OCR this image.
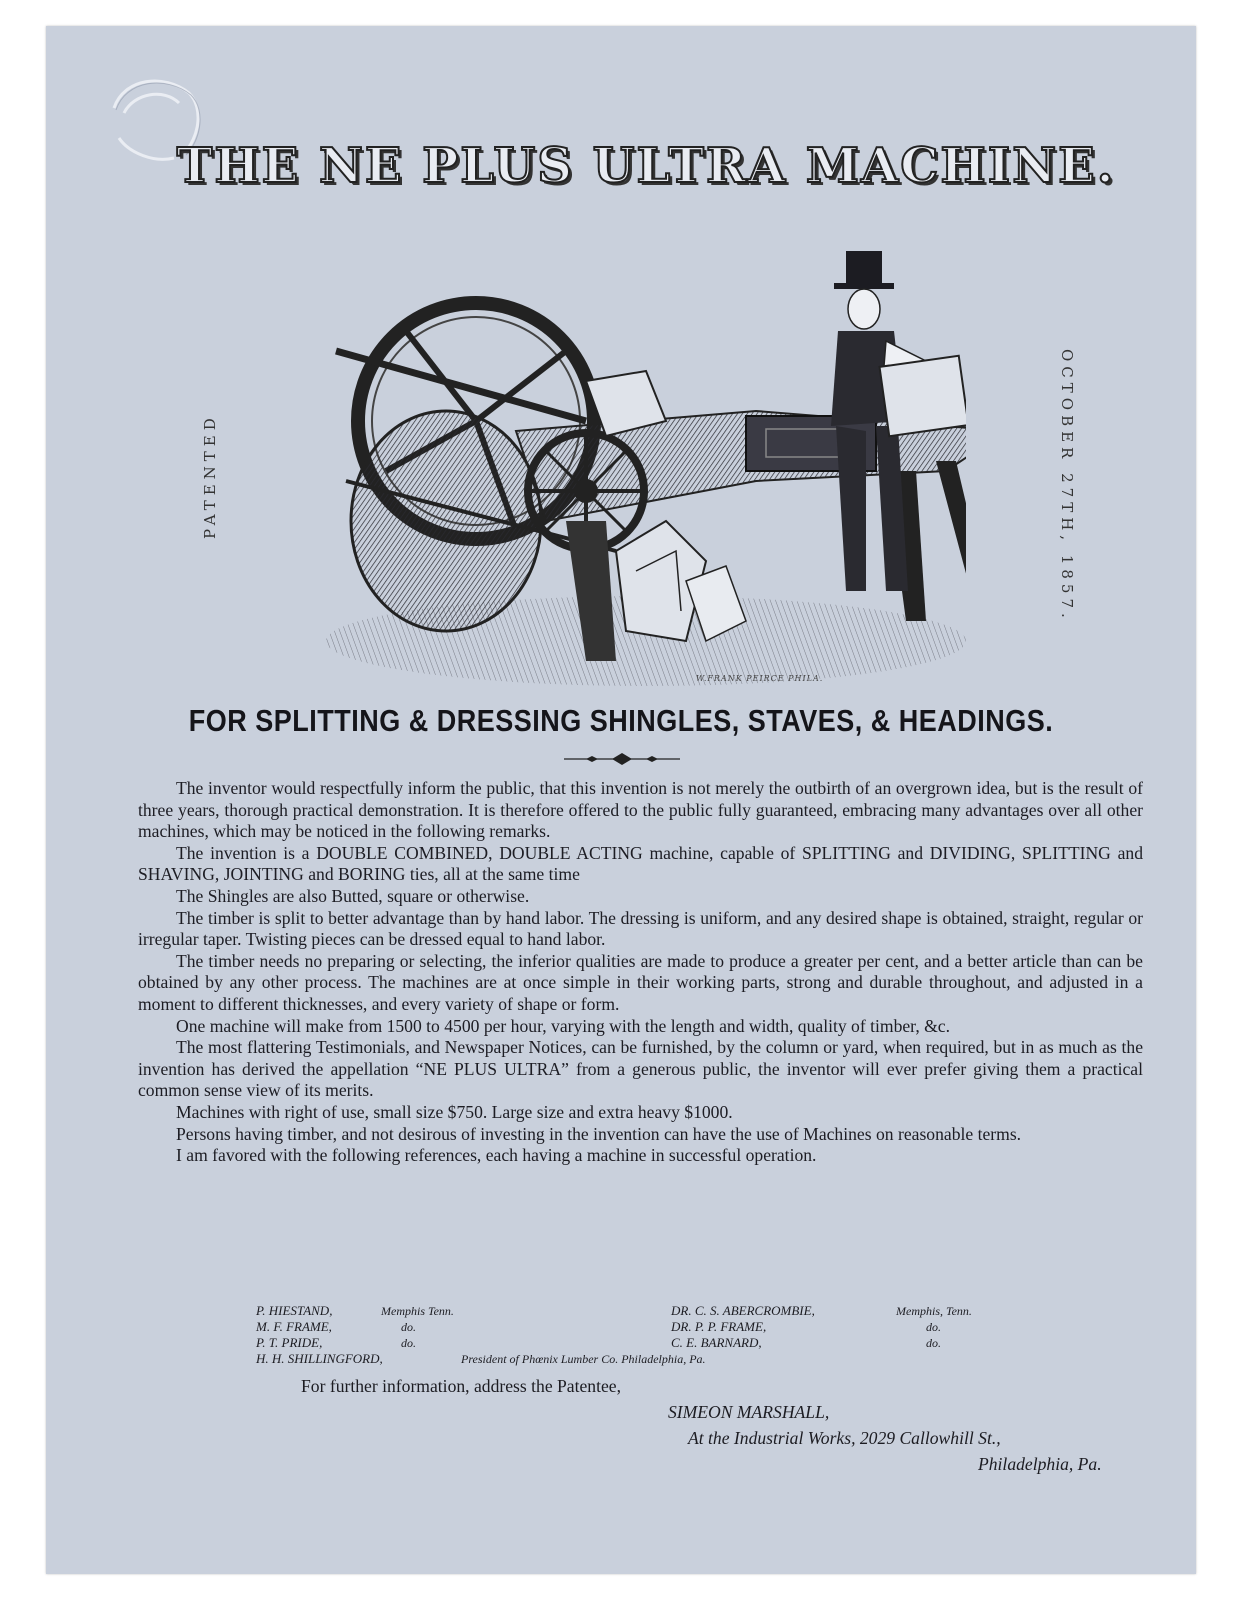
THE NE PLUS ULTRA MACHINE.
PATENTED	OCTOBER 27TH, 1857.
W.FRANK PEIRCE PHILA.
FOR SPLITTING & DRESSING SHINGLES, STAVES, & HEADINGS.

The inventor would respectfully inform the public, that this invention is not merely the outbirth of an overgrown idea, but is the result of three years, thorough practical demonstration. It is therefore offered to the public fully guaranteed, embracing many advantages over all other machines, which may be noticed in the following remarks.

The invention is a DOUBLE COMBINED, DOUBLE ACTING machine, capable of SPLITTING and DIVIDING, SPLITTING and SHAVING, JOINTING and BORING ties, all at the same time

The Shingles are also Butted, square or otherwise.

The timber is split to better advantage than by hand labor. The dressing is uniform, and any desired shape is obtained, straight, regular or irregular taper. Twisting pieces can be dressed equal to hand labor.

The timber needs no preparing or selecting, the inferior qualities are made to produce a greater per cent, and a better article than can be obtained by any other process. The machines are at once simple in their working parts, strong and durable throughout, and adjusted in a moment to different thicknesses, and every variety of shape or form.

One machine will make from 1500 to 4500 per hour, varying with the length and width, quality of timber, &c.

The most flattering Testimonials, and Newspaper Notices, can be furnished, by the column or yard, when required, but in as much as the invention has derived the appellation “NE PLUS ULTRA” from a generous public, the inventor will ever prefer giving them a practical common sense view of its merits.

Machines with right of use, small size $750. Large size and extra heavy $1000.

Persons having timber, and not desirous of investing in the invention can have the use of Machines on reasonable terms.

I am favored with the following references, each having a machine in successful operation.

P. HIESTAND,	Memphis Tenn.
M. F. FRAME,	do.
P. T. PRIDE,	do.
H. H. SHILLINGFORD,	President of Phœnix Lumber Co. Philadelphia, Pa.
DR. C. S. ABERCROMBIE,	Memphis, Tenn.
DR. P. P. FRAME,	do.
C. E. BARNARD,	do.
For further information, address the Patentee,
SIMEON MARSHALL,
At the Industrial Works, 2029 Callowhill St.,
Philadelphia, Pa.
